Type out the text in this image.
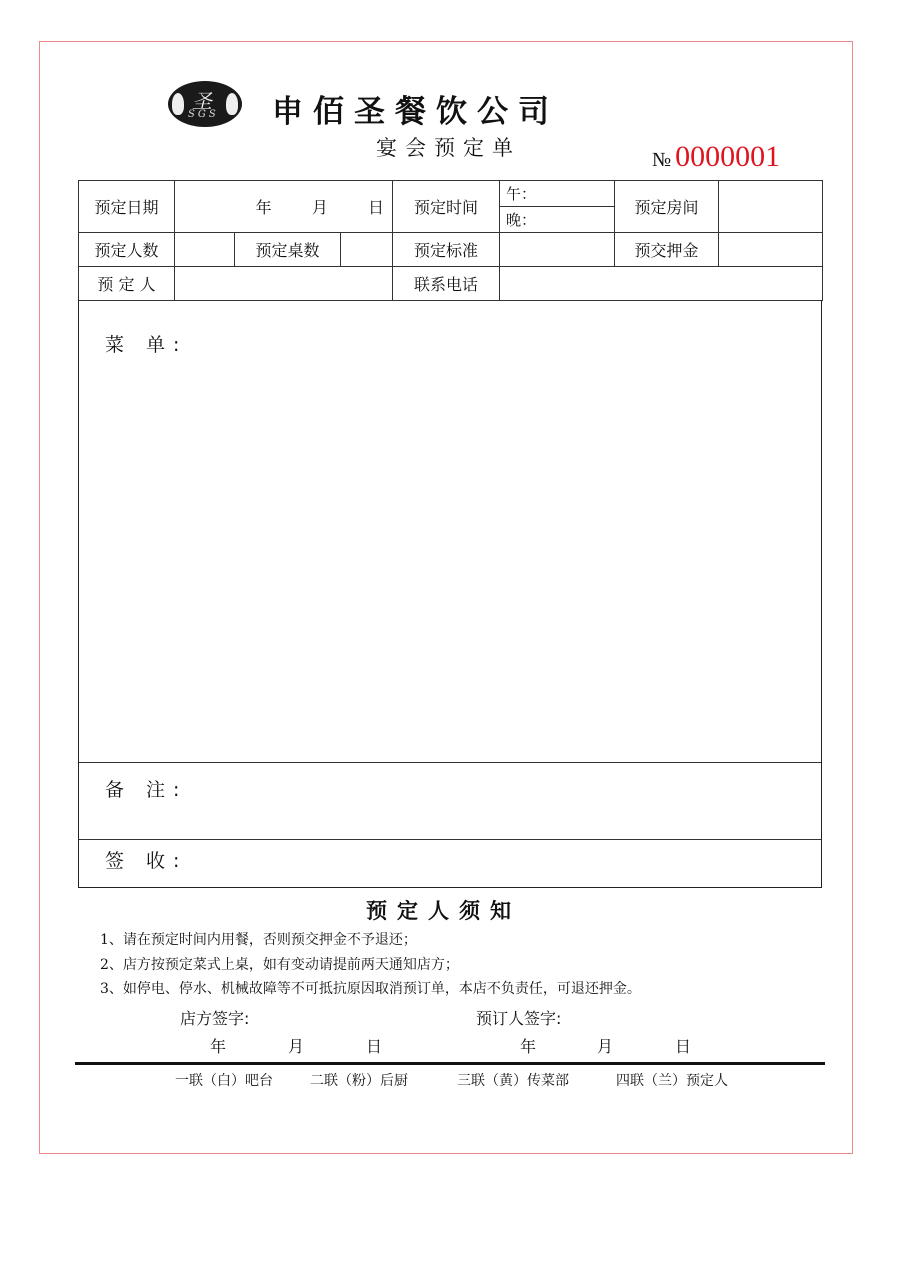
圣
SGS 申佰圣餐饮公司
宴会预定单	№ 0000001
预定日期	年 月 日			预定时间	午：	预定房间	
					晚：		
预定人数		预定桌数		预定标准		预交押金	
预 定 人				联系电话			
菜 单:
备 注:
签 收:
预定人须知
1、请在预定时间内用餐，否则预交押金不予退还；
2、店方按预定菜式上桌，如有变动请提前两天通知店方；
3、如停电、停水、机械故障等不可抵抗原因取消预订单，本店不负责任，可退还押金。
店方签字:	预订人签字:
年	月	日	年	月	日
一联（白）吧台	二联（粉）后厨	三联（黄）传菜部	四联（兰）预定人
